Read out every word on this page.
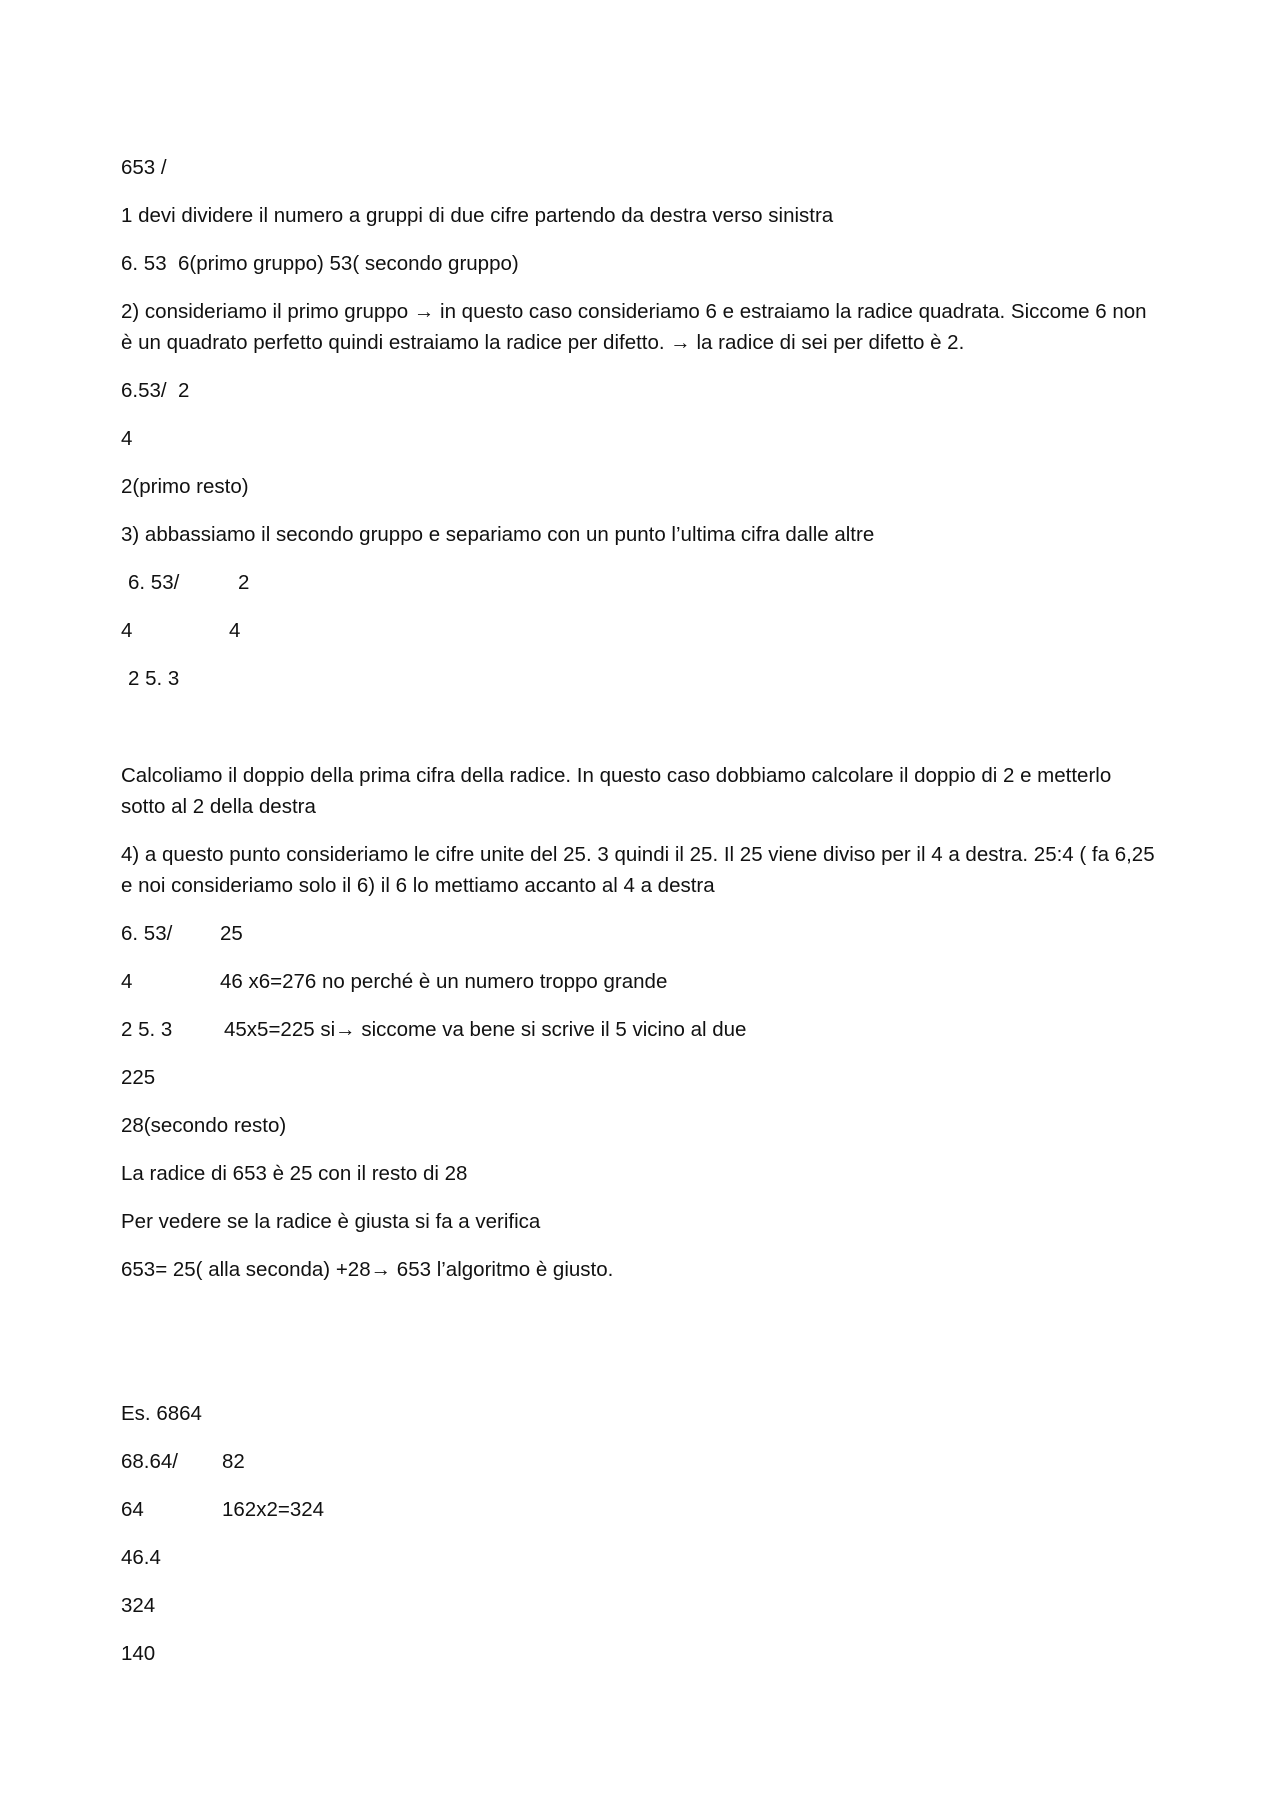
653 /

1 devi dividere il numero a gruppi di due cifre partendo da destra verso sinistra

6. 53  6(primo gruppo) 53( secondo gruppo)

2) consideriamo il primo gruppo → in questo caso consideriamo 6 e estraiamo la radice quadrata. Siccome 6 non è un quadrato perfetto quindi estraiamo la radice per difetto. → la radice di sei per difetto è 2.

6.53/  2

4

2(primo resto)

3) abbassiamo il secondo gruppo e separiamo con un punto l’ultima cifra dalle altre

6. 53/	2
4	4

2 5. 3

Calcoliamo il doppio della prima cifra della radice. In questo caso dobbiamo calcolare il doppio di 2 e metterlo sotto al 2 della destra

4) a questo punto consideriamo le cifre unite del 25. 3 quindi il 25. Il 25 viene diviso per il 4 a destra. 25:4 ( fa 6,25 e noi consideriamo solo il 6) il 6 lo mettiamo accanto al 4 a destra

6. 53/	25
4	46 x6=276 no perché è un numero troppo grande
2 5. 3	45x5=225 si→ siccome va bene si scrive il 5 vicino al due

225

28(secondo resto)

La radice di 653 è 25 con il resto di 28

Per vedere se la radice è giusta si fa a verifica

653= 25( alla seconda) +28→ 653 l’algoritmo è giusto.

Es. 6864

68.64/	82
64	162x2=324

46.4

324

140
